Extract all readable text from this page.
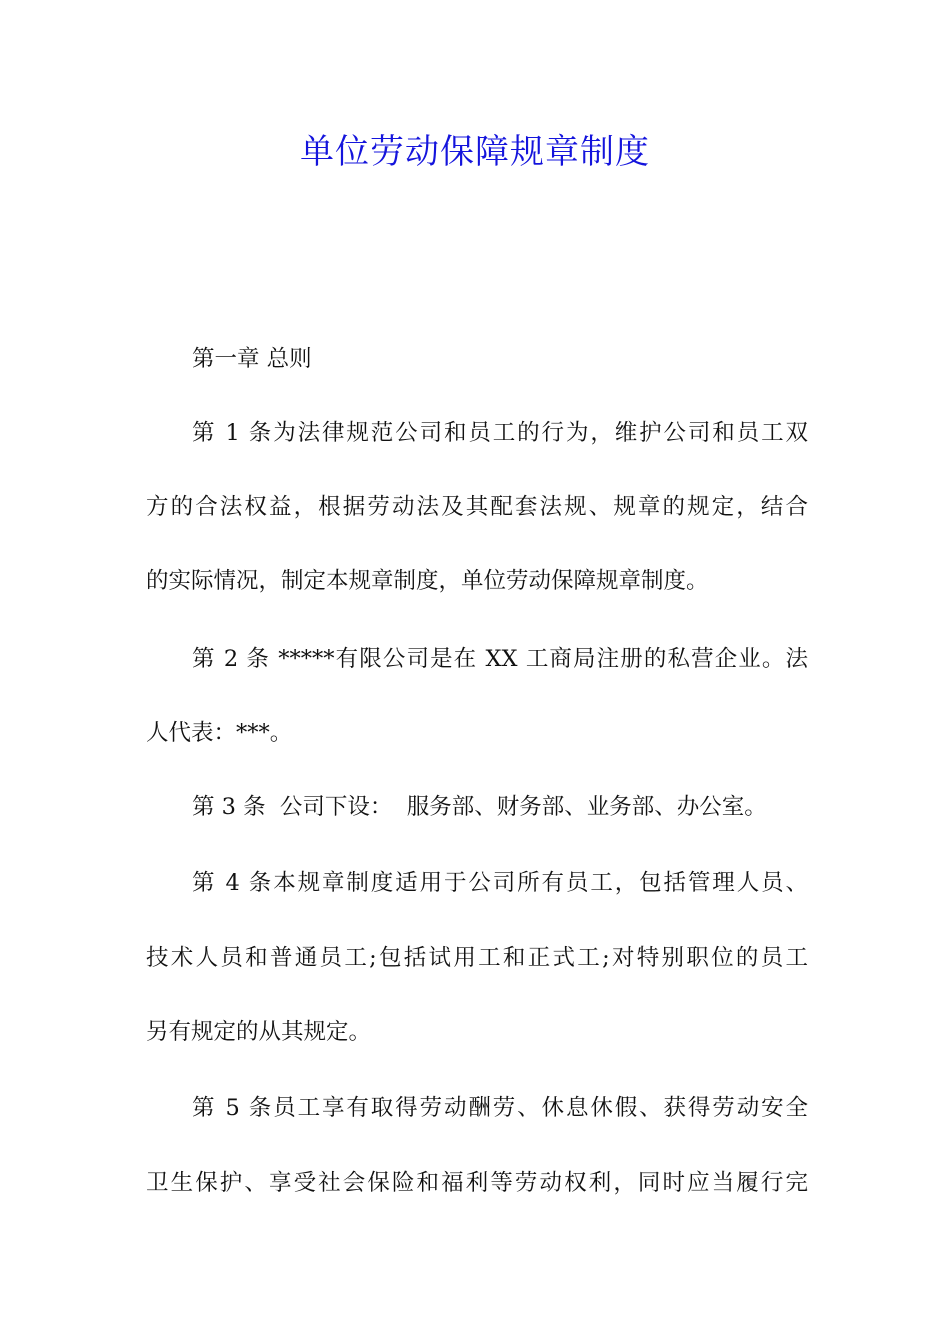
单位劳动保障规章制度
第一章 总则
第 1 条为法律规范公司和员工的行为，维护公司和员工双
方的合法权益，根据劳动法及其配套法规、规章的规定，结合
的实际情况，制定本规章制度，单位劳动保障规章制度。
第 2 条 *****有限公司是在 XX 工商局注册的私营企业。法
人代表：***。
第 3 条  公司下设：  服务部、财务部、业务部、办公室。
第 4 条本规章制度适用于公司所有员工，包括管理人员、
技术人员和普通员工;包括试用工和正式工;对特别职位的员工
另有规定的从其规定。
第 5 条员工享有取得劳动酬劳、休息休假、获得劳动安全
卫生保护、享受社会保险和福利等劳动权利，同时应当履行完
